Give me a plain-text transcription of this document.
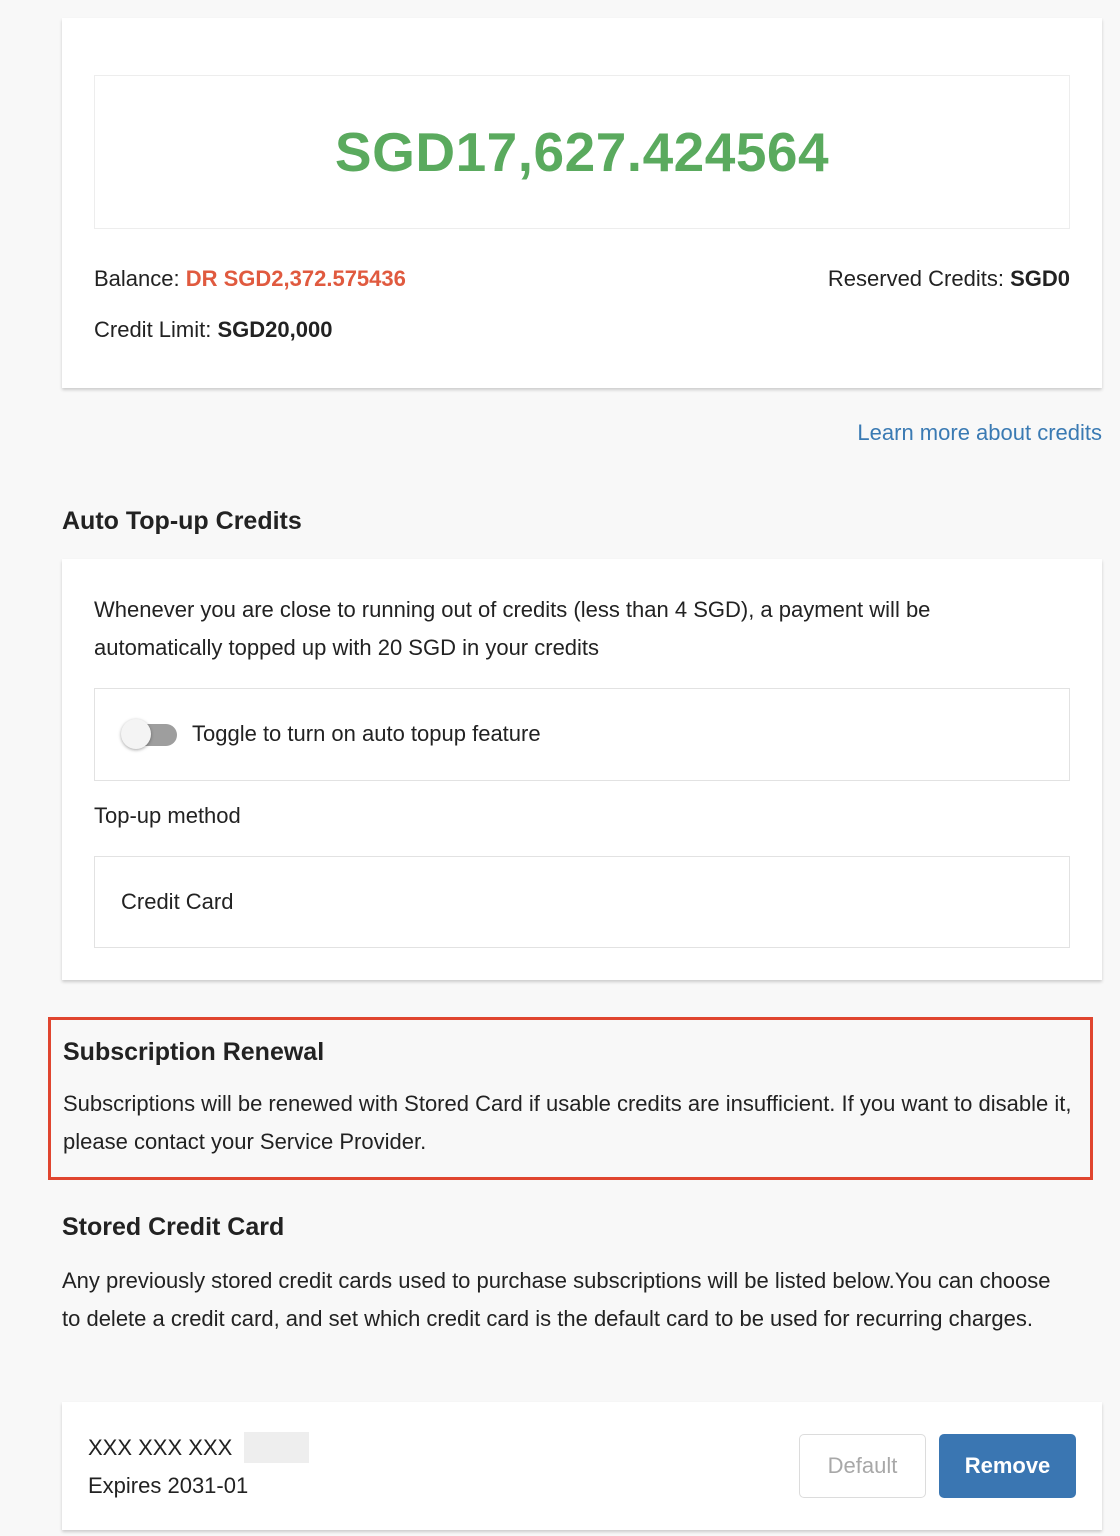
SGD17,627.424564
Balance: DR SGD2,372.575436	Reserved Credits: SGD0
Credit Limit: SGD20,000
Learn more about credits
Auto Top-up Credits
Whenever you are close to running out of credits (less than 4 SGD), a payment will be automatically topped up with 20 SGD in your credits
Toggle to turn on auto topup feature
Top-up method
Credit Card
Subscription Renewal
Subscriptions will be renewed with Stored Card if usable credits are insufficient. If you want to disable it, please contact your Service Provider.
Stored Credit Card
Any previously stored credit cards used to purchase subscriptions will be listed below.You can choose to delete a credit card, and set which credit card is the default card to be used for recurring charges.
XXX XXX XXX
Expires 2031-01
Default	Remove
